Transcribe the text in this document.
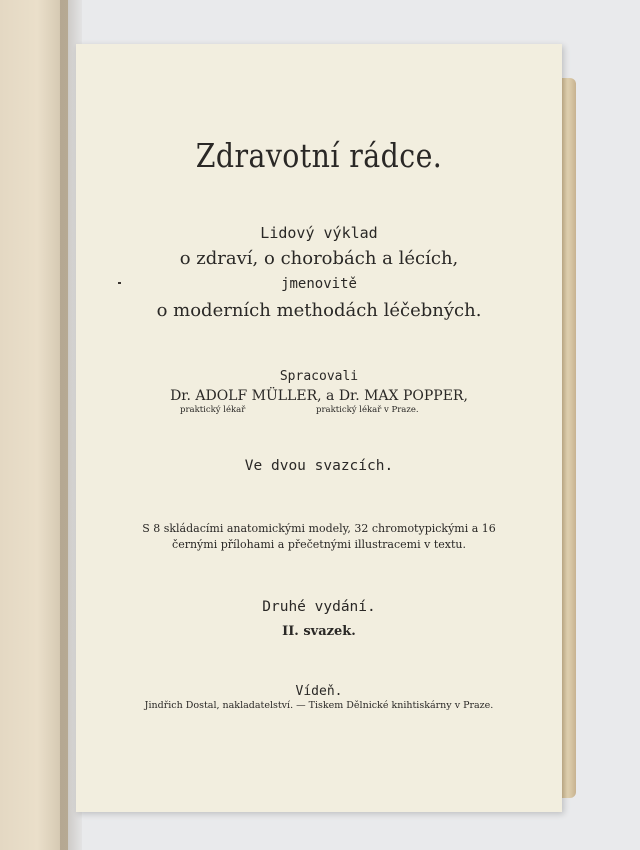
Zdravotní rádce.
Lidový výklad
o zdraví, o chorobách a lécích,
jmenovitě
o moderních methodách léčebných.
Spracovali
Dr. ADOLF MÜLLER, a Dr. MAX POPPER,
praktický lékař	praktický lékař v Praze.
Ve dvou svazcích.
S 8 skládacími anatomickými modely, 32 chromotypickými a 16
černými přílohami a přečetnými illustracemi v textu.
Druhé vydání.
II. svazek.
Vídeň.
Jindřich Dostal, nakladatelství. — Tiskem Dělnické knihtiskárny v Praze.
